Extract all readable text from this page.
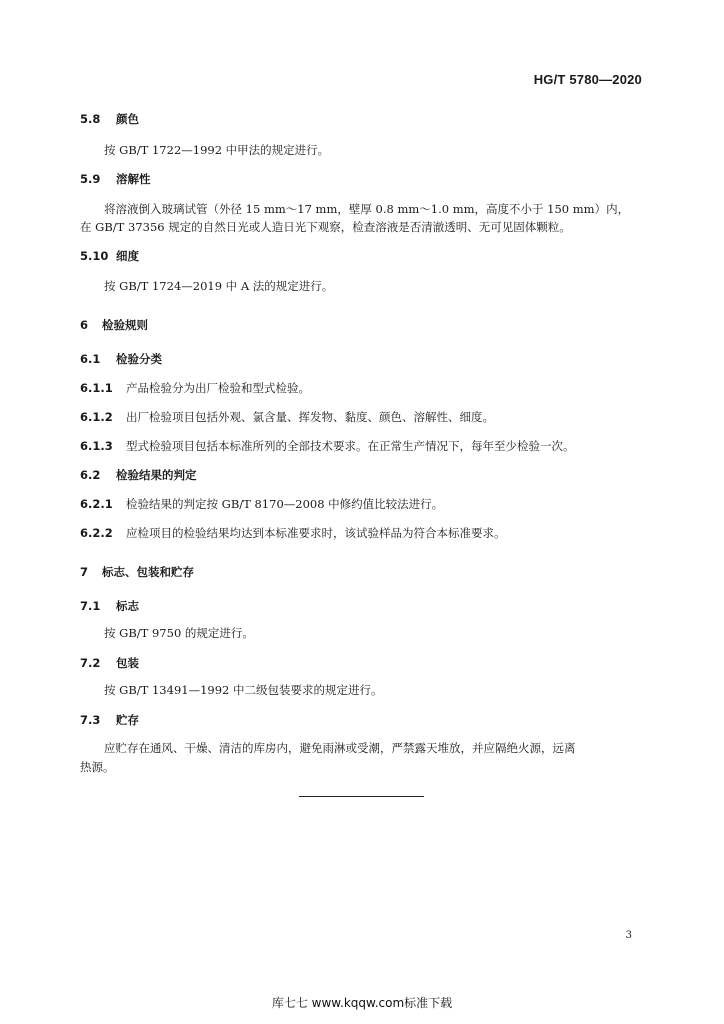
HG/T 5780—2020
5.8 颜色
按 GB/T 1722—1992 中甲法的规定进行。
5.9 溶解性
将溶液倒入玻璃试管（外径 15 mm～17 mm，壁厚 0.8 mm～1.0 mm，高度不小于 150 mm）内，
在 GB/T 37356 规定的自然日光或人造日光下观察，检查溶液是否清澈透明、无可见固体颗粒。
5.10 细度
按 GB/T 1724—2019 中 A 法的规定进行。
6 检验规则
6.1 检验分类
6.1.1 产品检验分为出厂检验和型式检验。
6.1.2 出厂检验项目包括外观、氯含量、挥发物、黏度、颜色、溶解性、细度。
6.1.3 型式检验项目包括本标准所列的全部技术要求。在正常生产情况下，每年至少检验一次。
6.2 检验结果的判定
6.2.1 检验结果的判定按 GB/T 8170—2008 中修约值比较法进行。
6.2.2 应检项目的检验结果均达到本标准要求时，该试验样品为符合本标准要求。
7 标志、包装和贮存
7.1 标志
按 GB/T 9750 的规定进行。
7.2 包装
按 GB/T 13491—1992 中二级包装要求的规定进行。
7.3 贮存
应贮存在通风、干燥、清洁的库房内，避免雨淋或受潮，严禁露天堆放，并应隔绝火源，远离
热源。
3
库七七 www.kqqw.com标准下载
